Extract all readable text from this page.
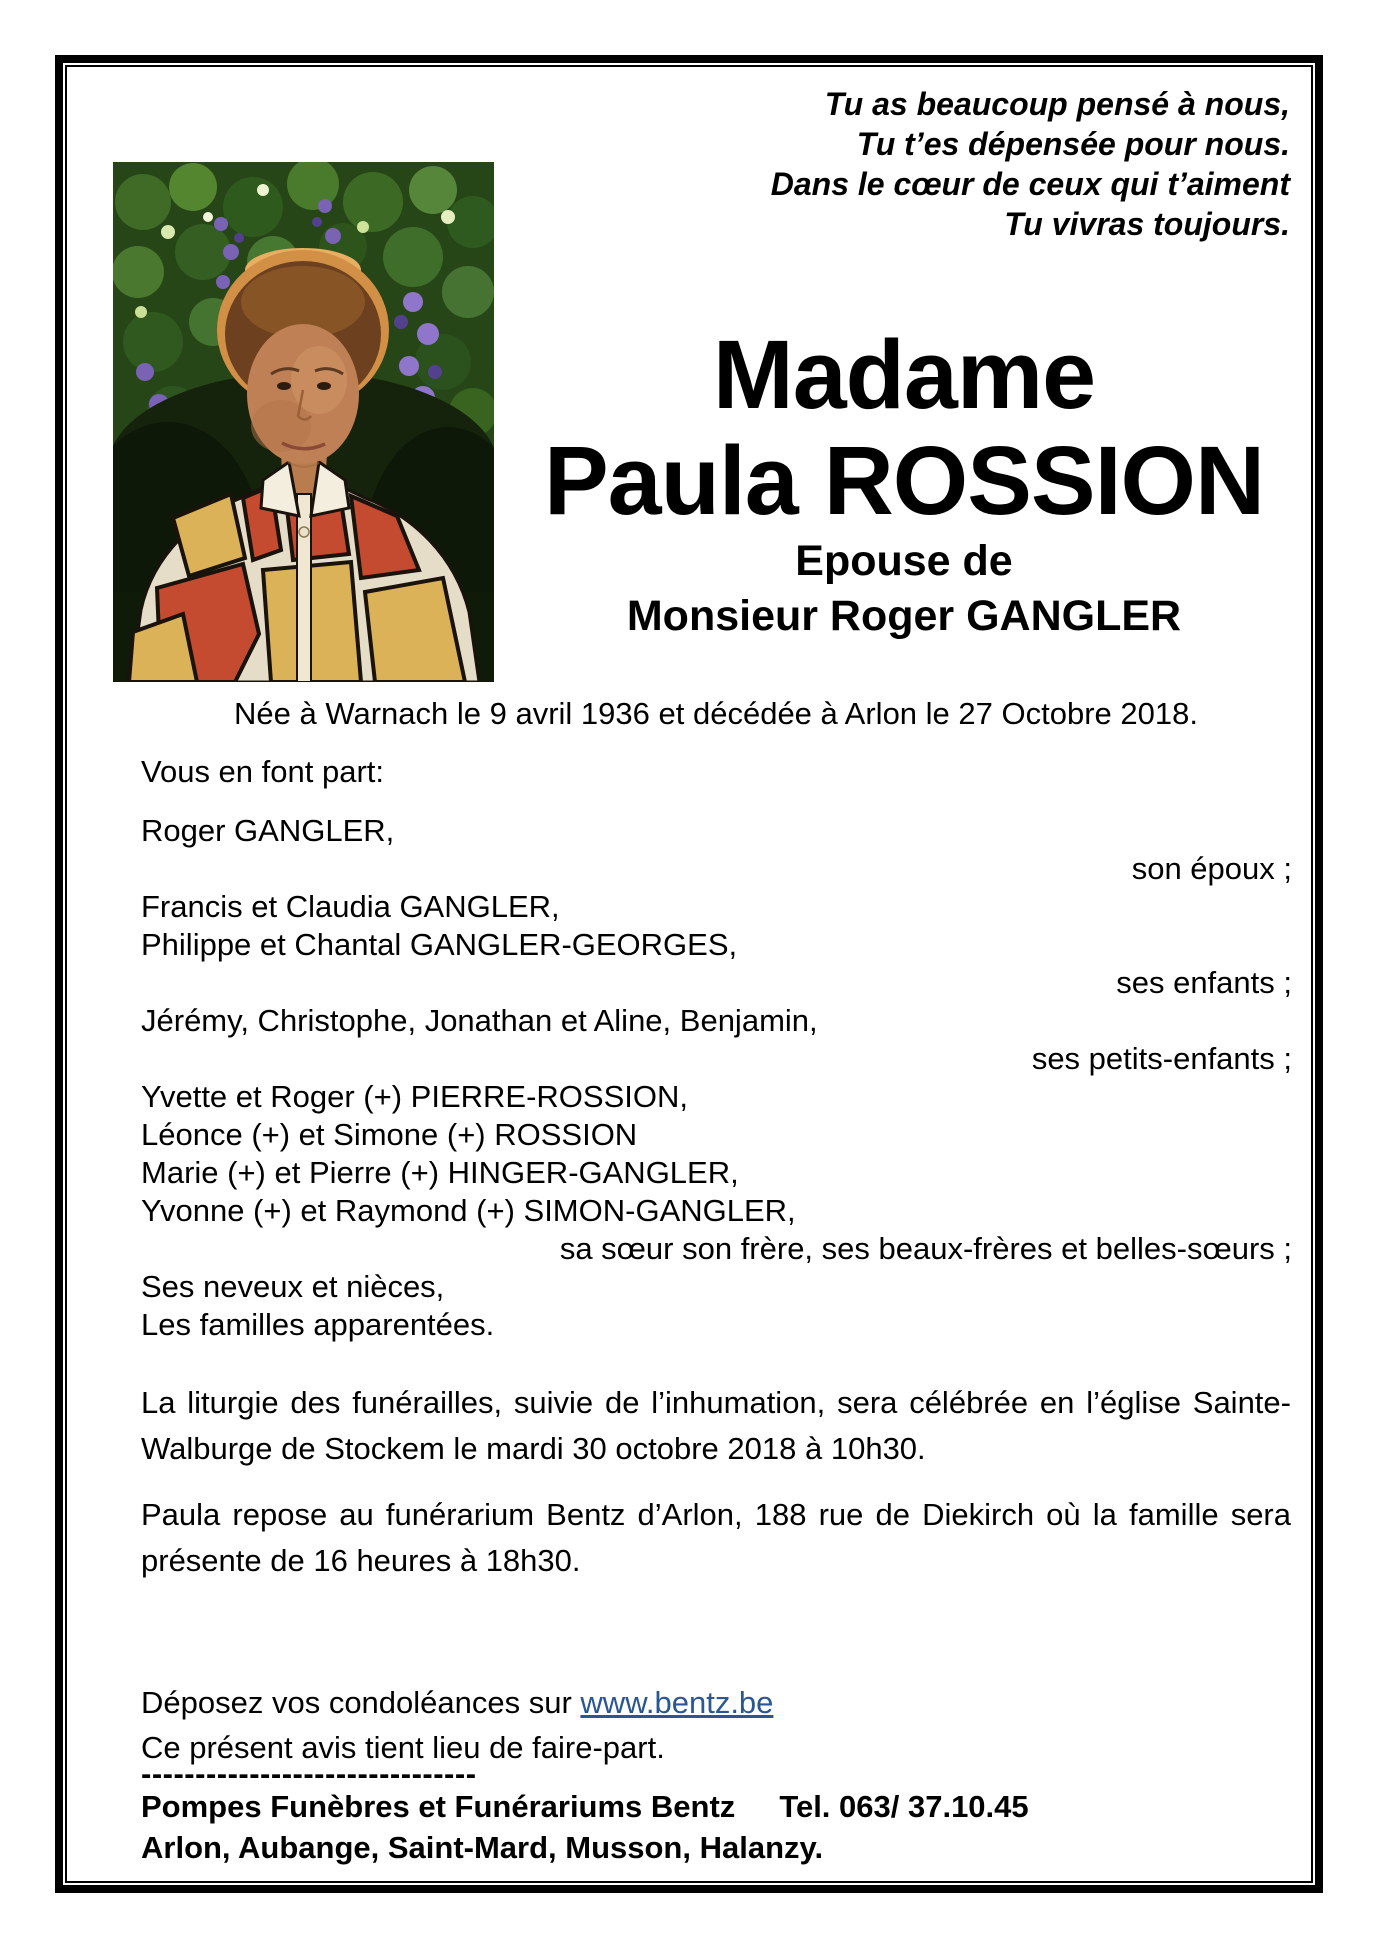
Tu as beaucoup pensé à nous,
Tu t’es dépensée pour nous.
Dans le cœur de ceux qui t’aiment
Tu vivras toujours.
Madame
Paula ROSSION
Epouse de
Monsieur Roger GANGLER
Née à Warnach le 9 avril 1936 et décédée à Arlon le 27 Octobre 2018.
Vous en font part:
Roger GANGLER,
son époux ;
Francis et Claudia GANGLER,
Philippe et Chantal GANGLER-GEORGES,
ses enfants ;
Jérémy, Christophe, Jonathan et Aline, Benjamin,
ses petits-enfants ;
Yvette et Roger (+) PIERRE-ROSSION,
Léonce (+) et Simone (+) ROSSION
Marie (+) et Pierre (+) HINGER-GANGLER,
Yvonne (+) et Raymond (+) SIMON-GANGLER,
sa sœur son frère, ses beaux-frères et belles-sœurs ;
Ses neveux et nièces,
Les familles apparentées.
La liturgie des funérailles, suivie de l’inhumation, sera célébrée en l’église Sainte-Walburge de Stockem le mardi 30 octobre 2018 à 10h30.
Paula repose au funérarium Bentz d’Arlon, 188 rue de Diekirch où la famille sera présente de 16 heures à 18h30.
Déposez vos condoléances sur www.bentz.be
Ce présent avis tient lieu de faire-part.
-------------------------------
Pompes Funèbres et Funérariums Bentz Tel. 063/ 37.10.45
Arlon, Aubange, Saint-Mard, Musson, Halanzy.
